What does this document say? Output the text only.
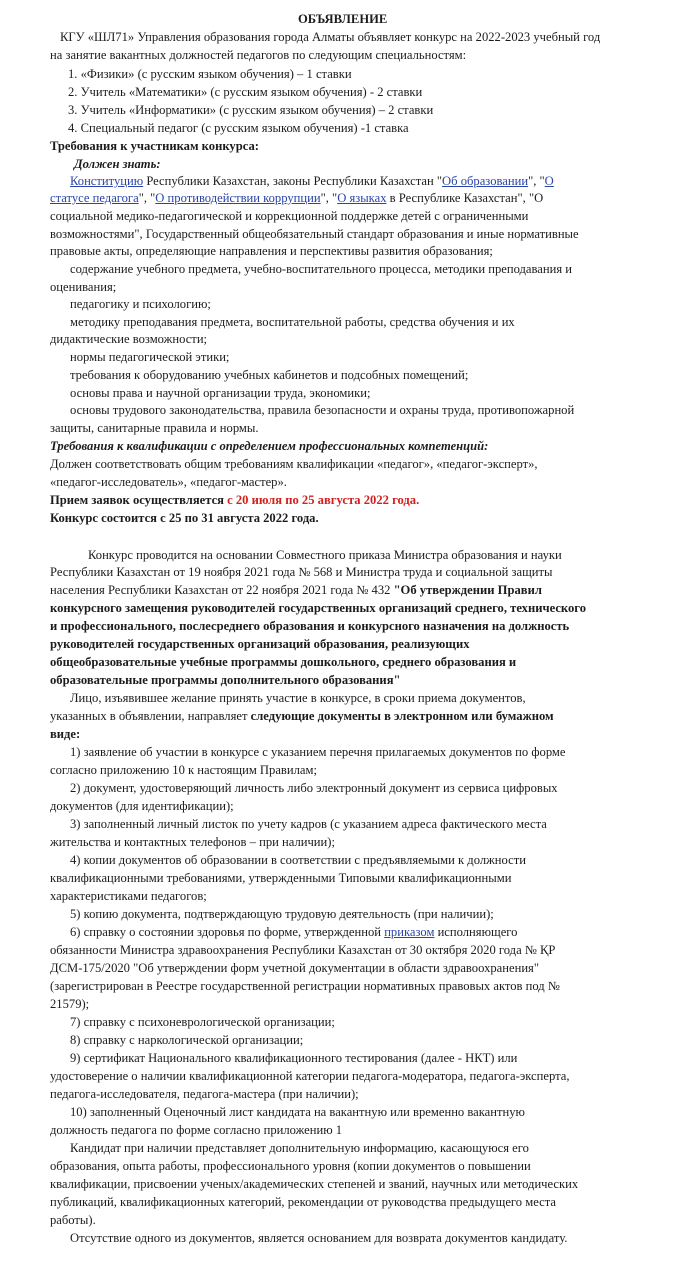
ОБЪЯВЛЕНИЕ
КГУ «ШЛ71» Управления образования города Алматы объявляет конкурс на 2022-2023 учебный год
на занятие вакантных должностей педагогов по следующим специальностям:
1. «Физики» (с русским языком обучения) – 1 ставки
2. Учитель «Математики» (с русским языком обучения) - 2 ставки
3. Учитель «Информатики» (с русским языком обучения) – 2 ставки
4. Специальный педагог (с русским языком обучения) -1 ставка
Требования к участникам конкурса:
Должен знать:
Конституцию Республики Казахстан, законы Республики Казахстан "Об образовании", "О
статусе педагога", "О противодействии коррупции", "О языках в Республике Казахстан", "О
социальной медико-педагогической и коррекционной поддержке детей с ограниченными
возможностями", Государственный общеобязательный стандарт образования и иные нормативные
правовые акты, определяющие направления и перспективы развития образования;
содержание учебного предмета, учебно-воспитательного процесса, методики преподавания и
оценивания;
педагогику и психологию;
методику преподавания предмета, воспитательной работы, средства обучения и их
дидактические возможности;
нормы педагогической этики;
требования к оборудованию учебных кабинетов и подсобных помещений;
основы права и научной организации труда, экономики;
основы трудового законодательства, правила безопасности и охраны труда, противопожарной
защиты, санитарные правила и нормы.
Требования к квалификации с определением профессиональных компетенций:
Должен соответствовать общим требованиям квалификации «педагог», «педагог-эксперт»,
«педагог-исследователь», «педагог-мастер».
Прием заявок осуществляется с 20 июля по 25 августа 2022 года.
Конкурс состоится с 25 по 31 августа 2022 года.
Конкурс проводится на основании Совместного приказа Министра образования и науки
Республики Казахстан от 19 ноября 2021 года № 568 и Министра труда и социальной защиты
населения Республики Казахстан от 22 ноября 2021 года № 432 "Об утверждении Правил
конкурсного замещения руководителей государственных организаций среднего, технического
и профессионального, послесреднего образования и конкурсного назначения на должность
руководителей государственных организаций образования, реализующих
общеобразовательные учебные программы дошкольного, среднего образования и
образовательные программы дополнительного образования"
Лицо, изъявившее желание принять участие в конкурсе, в сроки приема документов,
указанных в объявлении, направляет следующие документы в электронном или бумажном
виде:
1) заявление об участии в конкурсе с указанием перечня прилагаемых документов по форме
согласно приложению 10 к настоящим Правилам;
2) документ, удостоверяющий личность либо электронный документ из сервиса цифровых
документов (для идентификации);
3) заполненный личный листок по учету кадров (с указанием адреса фактического места
жительства и контактных телефонов – при наличии);
4) копии документов об образовании в соответствии с предъявляемыми к должности
квалификационными требованиями, утвержденными Типовыми квалификационными
характеристиками педагогов;
5) копию документа, подтверждающую трудовую деятельность (при наличии);
6) справку о состоянии здоровья по форме, утвержденной приказом исполняющего
обязанности Министра здравоохранения Республики Казахстан от 30 октября 2020 года № ҚР
ДСМ-175/2020 "Об утверждении форм учетной документации в области здравоохранения"
(зарегистрирован в Реестре государственной регистрации нормативных правовых актов под №
21579);
7) справку с психоневрологической организации;
8) справку с наркологической организации;
9) сертификат Национального квалификационного тестирования (далее - НКТ) или
удостоверение о наличии квалификационной категории педагога-модератора, педагога-эксперта,
педагога-исследователя, педагога-мастера (при наличии);
10) заполненный Оценочный лист кандидата на вакантную или временно вакантную
должность педагога по форме согласно приложению 1
Кандидат при наличии представляет дополнительную информацию, касающуюся его
образования, опыта работы, профессионального уровня (копии документов о повышении
квалификации, присвоении ученых/академических степеней и званий, научных или методических
публикаций, квалификационных категорий, рекомендации от руководства предыдущего места
работы).
Отсутствие одного из документов, является основанием для возврата документов кандидату.
